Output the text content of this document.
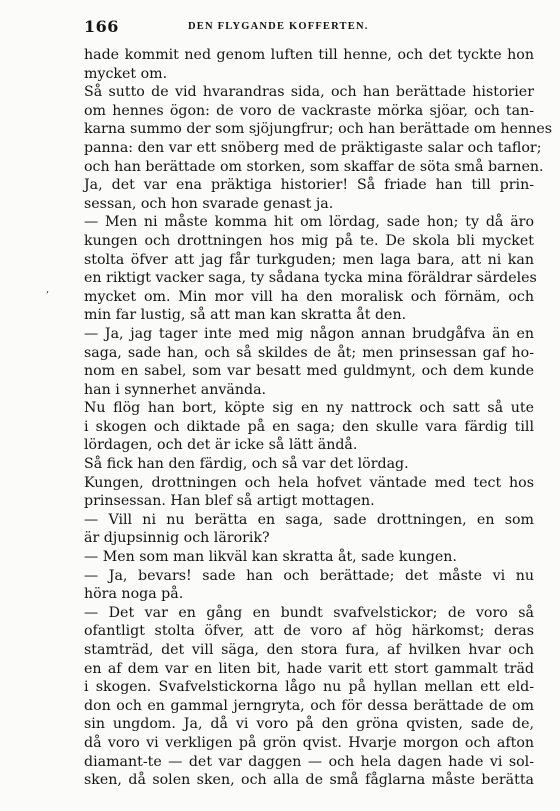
166	DEN FLYGANDE KOFFERTEN.
hade kommit ned genom luften till henne, och det tyckte hon
mycket om.
Så sutto de vid hvarandras sida, och han berättade historier
om hennes ögon: de voro de vackraste mörka sjöar, och tan-
karna summo der som sjöjungfrur; och han berättade om hennes
panna: den var ett snöberg med de präktigaste salar och taflor;
och han berättade om storken, som skaffar de söta små barnen.
Ja, det var ena präktiga historier! Så friade han till prin-
sessan, och hon svarade genast ja.
— Men ni måste komma hit om lördag, sade hon; ty då äro
kungen och drottningen hos mig på te. De skola bli mycket
stolta öfver att jag får turkguden; men laga bara, att ni kan
en riktigt vacker saga, ty sådana tycka mina föräldrar särdeles
mycket om. Min mor vill ha den moralisk och förnäm, och
min far lustig, så att man kan skratta åt den.
— Ja, jag tager inte med mig någon annan brudgåfva än en
saga, sade han, och så skildes de åt; men prinsessan gaf ho-
nom en sabel, som var besatt med guldmynt, och dem kunde
han i synnerhet använda.
Nu flög han bort, köpte sig en ny nattrock och satt så ute
i skogen och diktade på en saga; den skulle vara färdig till
lördagen, och det är icke så lätt ändå.
Så fick han den färdig, och så var det lördag.
Kungen, drottningen och hela hofvet väntade med tect hos
prinsessan. Han blef så artigt mottagen.
— Vill ni nu berätta en saga, sade drottningen, en som
är djupsinnig och lärorik?
— Men som man likväl kan skratta åt, sade kungen.
— Ja, bevars! sade han och berättade; det måste vi nu
höra noga på.
— Det var en gång en bundt svafvelstickor; de voro så
ofantligt stolta öfver, att de voro af hög härkomst; deras
stamträd, det vill säga, den stora fura, af hvilken hvar och
en af dem var en liten bit, hade varit ett stort gammalt träd
i skogen. Svafvelstickorna lågo nu på hyllan mellan ett eld-
don och en gammal jerngryta, och för dessa berättade de om
sin ungdom. Ja, då vi voro på den gröna qvisten, sade de,
då voro vi verkligen på grön qvist. Hvarje morgon och afton
diamant-te — det var daggen — och hela dagen hade vi sol-
sken, då solen sken, och alla de små fåglarna måste berätta
,
